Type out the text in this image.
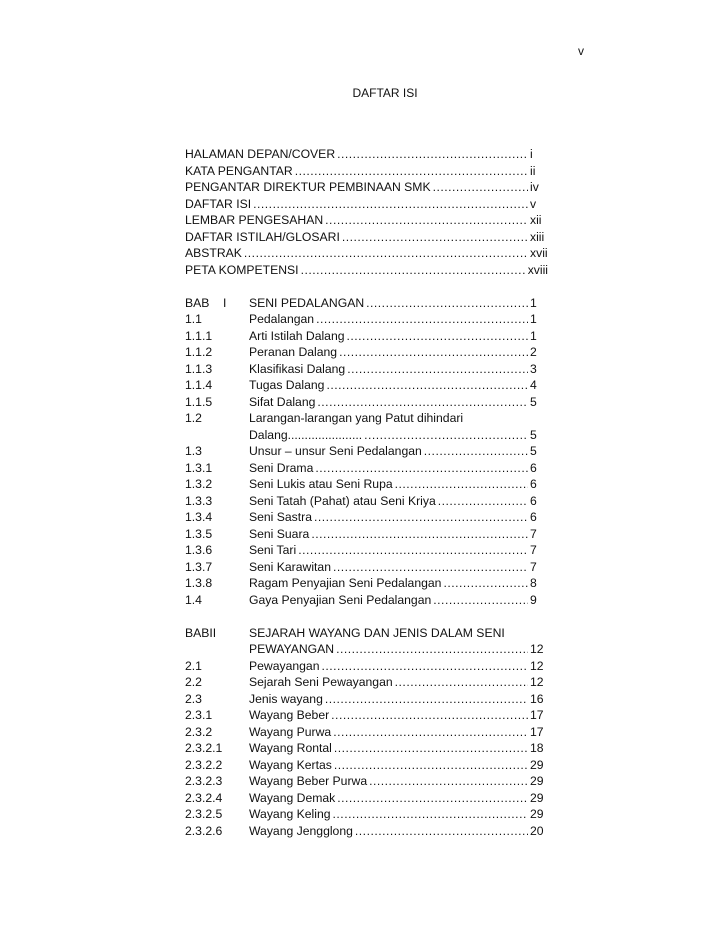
v
DAFTAR ISI
HALAMAN DEPAN/COVER .....	i
KATA PENGANTAR .....	ii
PENGANTAR DIREKTUR PEMBINAAN SMK .....	iv
DAFTAR ISI .....	v
LEMBAR PENGESAHAN .....	xii
DAFTAR ISTILAH/GLOSARI .....	xiii
ABSTRAK .....	xvii
PETA KOMPETENSI .....	xviii
BAB	I SENI PEDALANGAN .....	1
1.1	Pedalangan .....	1
1.1.1	Arti Istilah Dalang .....	1
1.1.2	Peranan Dalang .....	2
1.1.3	Klasifikasi Dalang .....	3
1.1.4	Tugas Dalang .....	4
1.1.5	Sifat Dalang .....	5
1.2	Larangan-larangan yang Patut dihindari
Dalang...................... .....	5
1.3	Unsur – unsur Seni Pedalangan .....	5
1.3.1	Seni Drama .....	6
1.3.2	Seni Lukis atau Seni Rupa .....	6
1.3.3	Seni Tatah (Pahat) atau Seni Kriya .....	6
1.3.4	Seni Sastra .....	6
1.3.5	Seni Suara .....	7
1.3.6	Seni Tari .....	7
1.3.7	Seni Karawitan .....	7
1.3.8	Ragam Penyajian Seni Pedalangan .....	8
1.4	Gaya Penyajian Seni Pedalangan .....	9
BAB II	SEJARAH WAYANG DAN JENIS DALAM SENI
PEWAYANGAN .....	12
2.1	Pewayangan .....	12
2.2	Sejarah Seni Pewayangan .....	12
2.3	Jenis wayang .....	16
2.3.1	Wayang Beber .....	17
2.3.2	Wayang Purwa .....	17
2.3.2.1	Wayang Rontal .....	18
2.3.2.2	Wayang Kertas .....	29
2.3.2.3	Wayang Beber Purwa .....	29
2.3.2.4	Wayang Demak .....	29
2.3.2.5	Wayang Keling .....	29
2.3.2.6	Wayang Jengglong .....	20
